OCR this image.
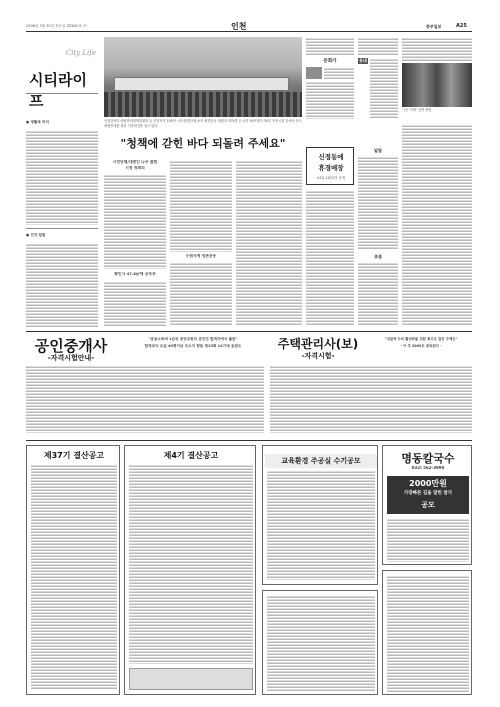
2008년 3월 30일 목요일 제2840호 ㈜	인천	중부일보	A25
City Life
시티라이프
● 생활속 리더
● 건강 칼럼
인천앞바다 매립반대대책위원회 등 인천지역 100여 시민·환경단체 소속 환경운동 회원과 대학생 등 시민 50여명이 30일 인천시청 앞에서 송도 매립반대를 위한 기자회견을 열고 있다.
"청책에 갇힌 바다 되돌려 주세요"
시민단체/대변인 나주 출범
시청 첫회의
확인사 47.8㎡에 공모중
수원사계 청론운동
문화가
신정동에
휴경매장
14일 1회부터 운영
동네
극단 '지평' 공연 장면
알림
초점
공인중개사
-자격시험안내-
"금융소득에 1순위 중앙교원의 공인진 합격자에서 출판"
합격보다 유일 40명이상 주소지 향동 제13회 14기에 응원도	주택관리사(보)
-자격시험-
"내일에 주비 활성화를 위한 최우도 알은 주제는"
- 이 추 2009도 증득된다 -
제37기 결산공고	제4기 결산공고
교육환경 주공실 수기공모	명동칼국수
032) 562-3990
2000만원
가장빠른 길을 달린 참가
공모
